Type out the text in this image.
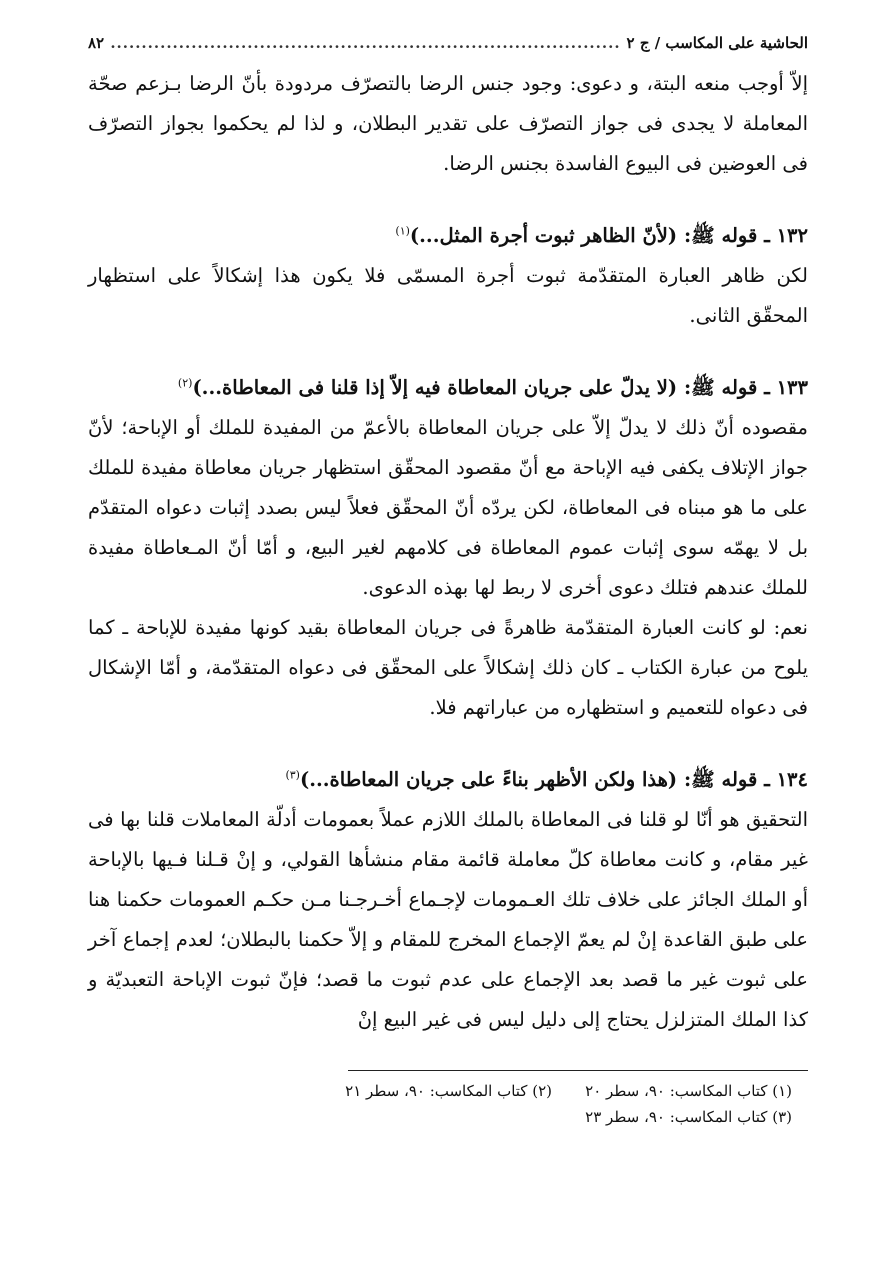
الحاشية على المكاسب / ج ٢
.....
٨٢

إلاّ أوجب منعه البتة، و دعوى: وجود جنس الرضا بالتصرّف مردودة بأنّ الرضا بـزعم صحّة المعاملة لا يجدى فى جواز التصرّف على تقدير البطلان، و لذا لم يحكموا بجواز التصرّف فى العوضين فى البيوع الفاسدة بجنس الرضا.

١٣٢ ـ قوله ﷺ: (لأنّ الظاهر ثبوت أجرة المثل...)$^{(١)}$

لكن ظاهر العبارة المتقدّمة ثبوت أجرة المسمّى فلا يكون هذا إشكالاً على استظهار المحقّق الثانى.

١٣٣ ـ قوله ﷺ: (لا يدلّ على جريان المعاطاة فيه إلاّ إذا قلنا فى المعاطاة...)$^{(٢)}$

مقصوده أنّ ذلك لا يدلّ إلاّ على جريان المعاطاة بالأعمّ من المفيدة للملك أو الإباحة؛ لأنّ جواز الإتلاف يكفى فيه الإباحة مع أنّ مقصود المحقّق استظهار جريان معاطاة مفيدة للملك على ما هو مبناه فى المعاطاة، لكن يردّه أنّ المحقّق فعلاً ليس بصدد إثبات دعواه المتقدّم بل لا يهمّه سوى إثبات عموم المعاطاة فى كلامهم لغير البيع، و أمّا أنّ المـعاطاة مفيدة للملك عندهم فتلك دعوى أخرى لا ربط لها بهذه الدعوى.

نعم: لو كانت العبارة المتقدّمة ظاهرةً فى جريان المعاطاة بقيد كونها مفيدة للإباحة ـ كما يلوح من عبارة الكتاب ـ كان ذلك إشكالاً على المحقّق فى دعواه المتقدّمة، و أمّا الإشكال فى دعواه للتعميم و استظهاره من عباراتهم فلا.

١٣٤ ـ قوله ﷺ: (هذا ولكن الأظهر بناءً على جريان المعاطاة...)$^{(٣)}$

التحقيق هو أنّا لو قلنا فى المعاطاة بالملك اللازم عملاً بعمومات أدلّة المعاملات قلنا بها فى غير مقام، و كانت معاطاة كلّ معاملة قائمة مقام منشأها القولي، و إنْ قـلنا فـيها بالإباحة أو الملك الجائز على خلاف تلك العـمومات لإجـماع أخـرجـنا مـن حكـم العمومات حكمنا هنا على طبق القاعدة إنْ لم يعمّ الإجماع المخرج للمقام و إلاّ حكمنا بالبطلان؛ لعدم إجماع آخر على ثبوت غير ما قصد بعد الإجماع على عدم ثبوت ما قصد؛ فإنّ ثبوت الإباحة التعبديّة و كذا الملك المتزلزل يحتاج إلى دليل ليس فى غير البيع إنْ

(١) كتاب المكاسب: ٩٠، سطر ٢٠
(٢) كتاب المكاسب: ٩٠، سطر ٢١
(٣) كتاب المكاسب: ٩٠، سطر ٢٣
